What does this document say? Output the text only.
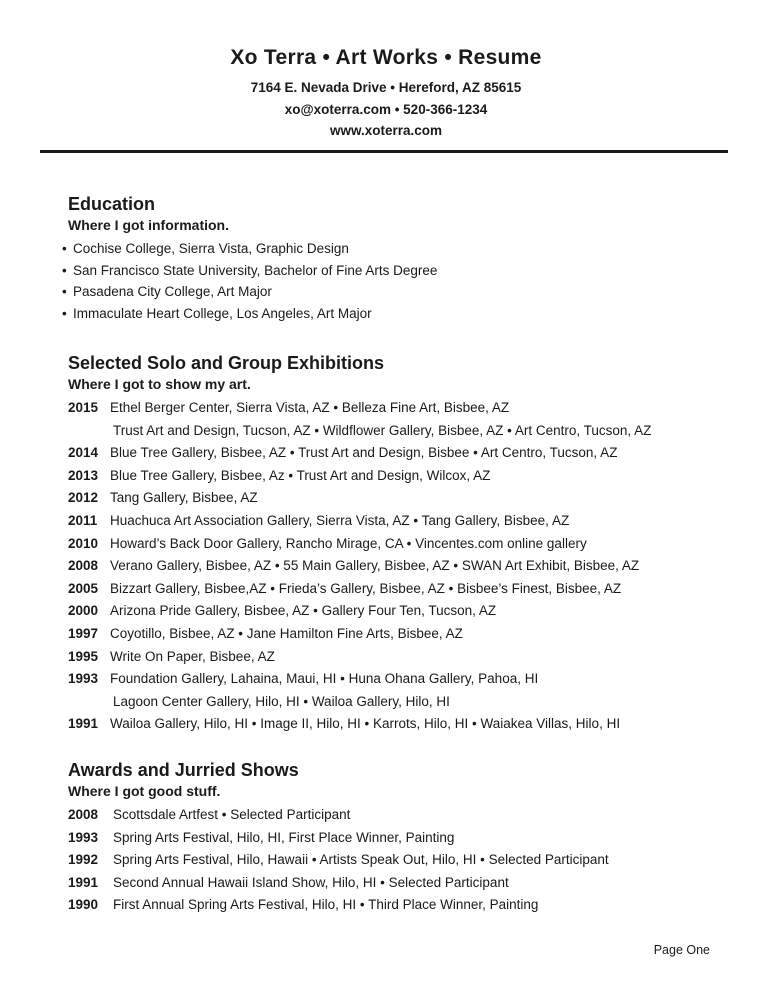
Xo Terra • Art Works • Resume
7164 E. Nevada Drive • Hereford, AZ 85615
xo@xoterra.com • 520-366-1234
www.xoterra.com
Education
Where I got information.
• Cochise College, Sierra Vista, Graphic Design
• San Francisco State University, Bachelor of Fine Arts Degree
• Pasadena City College, Art Major
• Immaculate Heart College, Los Angeles, Art Major
Selected Solo and Group Exhibitions
Where I got to show my art.
2015 Ethel Berger Center, Sierra Vista, AZ • Belleza Fine Art, Bisbee, AZ
Trust Art and Design, Tucson, AZ • Wildflower Gallery, Bisbee, AZ • Art Centro, Tucson, AZ
2014 Blue Tree Gallery, Bisbee, AZ • Trust Art and Design, Bisbee • Art Centro, Tucson, AZ
2013 Blue Tree Gallery, Bisbee, Az • Trust Art and Design, Wilcox, AZ
2012 Tang Gallery, Bisbee, AZ
2011 Huachuca Art Association Gallery, Sierra Vista, AZ • Tang Gallery, Bisbee, AZ
2010 Howard’s Back Door Gallery, Rancho Mirage, CA • Vincentes.com online gallery
2008 Verano Gallery, Bisbee, AZ • 55 Main Gallery, Bisbee, AZ • SWAN Art Exhibit, Bisbee, AZ
2005 Bizzart Gallery, Bisbee,AZ • Frieda’s Gallery, Bisbee, AZ • Bisbee’s Finest, Bisbee, AZ
2000 Arizona Pride Gallery, Bisbee, AZ • Gallery Four Ten, Tucson, AZ
1997 Coyotillo, Bisbee, AZ • Jane Hamilton Fine Arts, Bisbee, AZ
1995 Write On Paper, Bisbee, AZ
1993 Foundation Gallery, Lahaina, Maui, HI • Huna Ohana Gallery, Pahoa, HI
Lagoon Center Gallery, Hilo, HI • Wailoa Gallery, Hilo, HI
1991 Wailoa Gallery, Hilo, HI • Image II, Hilo, HI • Karrots, Hilo, HI • Waiakea Villas, Hilo, HI
Awards and Jurried Shows
Where I got good stuff.
2008 Scottsdale Artfest • Selected Participant
1993 Spring Arts Festival, Hilo, HI, First Place Winner, Painting
1992 Spring Arts Festival, Hilo, Hawaii • Artists Speak Out, Hilo, HI • Selected Participant
1991 Second Annual Hawaii Island Show, Hilo, HI • Selected Participant
1990 First Annual Spring Arts Festival, Hilo, HI • Third Place Winner, Painting
Page One
